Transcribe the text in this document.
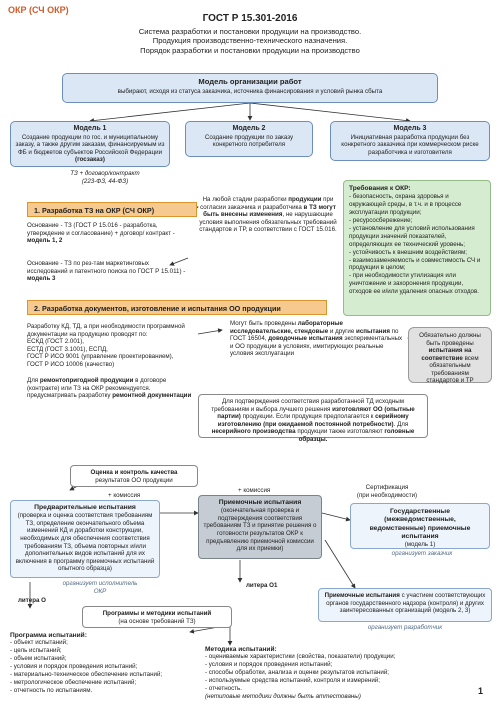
ОКР (СЧ ОКР)
ГОСТ Р 15.301-2016
Система разработки и постановки продукции на производство.
Продукция производственно-технического назначения.
Порядок разработки и постановки продукции на производство
Модель организации работ
выбирают, исходя из статуса заказчика, источника финансирования и условий рынка сбыта
Модель 1
Создание продукции по гос. и муниципальному заказу, а также другим заказам, финансируемым из ФБ и бюджетов субъектов Российской Федерации (госзаказ)
Модель 2
Создание продукции по заказу конкретного потребителя
Модель 3
Инициативная разработка продукции без конкретного заказчика при коммерческом риске разработчика и изготовителя
ТЗ + договор/контракт
(223-ФЗ, 44-ФЗ)
Требования к ОКР:
- безопасность, охрана здоровья и окружающей среды, в т.ч. и в процессе эксплуатации продукции;
- ресурсосбережение;
- установление для условий использования продукции значений показателей, определяющих ее технический уровень;
- устойчивость к внешним воздействиям;
- взаимозаменяемость и совместимость СЧ и продукции в целом;
- при необходимости утилизация или уничтожение и захоронения продукции, отходов ее и/или удаления опасных отходов.
1. Разработка ТЗ на ОКР (СЧ ОКР)
На любой стадии разработки продукции при согласии заказчика и разработчика в ТЗ могут быть внесены изменения, не нарушающие условия выполнения обязательных требований стандартов и ТР, в соответствии с ГОСТ 15.016.
Основание - ТЗ (ГОСТ Р 15.016 - разработка, утверждение и согласование) + договор/ контракт - модель 1, 2
Основание - ТЗ по рез-там маркетинговых исследований и патентного поиска по ГОСТ Р 15.011) - модель 3
2. Разработка документов, изготовление и испытания ОО продукции
Разработку КД, ТД, а при необходимости программной документации на продукцию проводят по:
ЕСКД (ГОСТ 2.001),
ЕСТД (ГОСТ 3.1001), ЕСПД,
ГОСТ Р ИСО 9001 (управление проектированием),
ГОСТ Р ИСО 10006 (качество)
Для ремонтопригодной продукции в договоре (контракте) или ТЗ на ОКР рекомендуется. предусматривать разработку ремонтной документации
Могут быть проведены лабораторные исследовательские, стендовые и другие испытания по ГОСТ 16504, доводочные испытания экспериментальных и ОО продукции в условиях, имитирующих реальные условия эксплуатации
Обязательно должны быть проведены испытания на соответствие всем обязательным требованиям стандартов и ТР
Для подтверждения соответствия разработанной ТД исходным требованиям и выбора лучшего решения изготовляют ОО (опытные партии) продукции. Если продукция предполагается к серийному изготовлению (при ожидаемой постоянной потребности). Для несерийного производства продукции также изготовляют головные образцы.
Оценка и контроль качества
результатов ОО продукции
+ комиссия
+ комиссия	Сертификация
(при необходимости)
Предварительные испытания
(проверка и оценка соответствия требованиям ТЗ, определение окончательного объема изменений КД и доработки конструкции, необходимых для обеспечения соответствия требованиям ТЗ, объема повторных и/или дополнительных видов испытаний для их включения в программу приемочных испытаний опытного образца)
организует исполнитель ОКР
Приемочные испытания
(окончательная проверка и подтверждения соответствия требованиям ТЗ и принятие решения о готовности результатов ОКР к предъявлению приемочной комиссии для их приемки)
Государственные (межведомственные, ведомственные) приемочные испытания
(модель 1)
организует заказчик
Приемочные испытания с участием соответствующих органов государственного надзора (контроля) и других заинтересованных организаций (модель 2, 3)
организует разработчик
литера О
литера О1
Программы и методики испытаний
(на основе требований ТЗ)
Программа испытаний:
- объект испытаний;
- цель испытаний;
- объем испытаний;
- условия и порядок проведения испытаний;
- материально-техническое обеспечение испытаний;
- метрологическое обеспечение испытаний;
- отчетность по испытаниям.
Методика испытаний:
- оцениваемые характеристики (свойства, показатели) продукции;
- условия и порядок проведения испытаний;
- способы обработки, анализа и оценки результатов испытаний;
- используемые средства испытаний, контроля и измерений;
- отчетность.
(нетиповые методики должны быть аттестованы)
1
